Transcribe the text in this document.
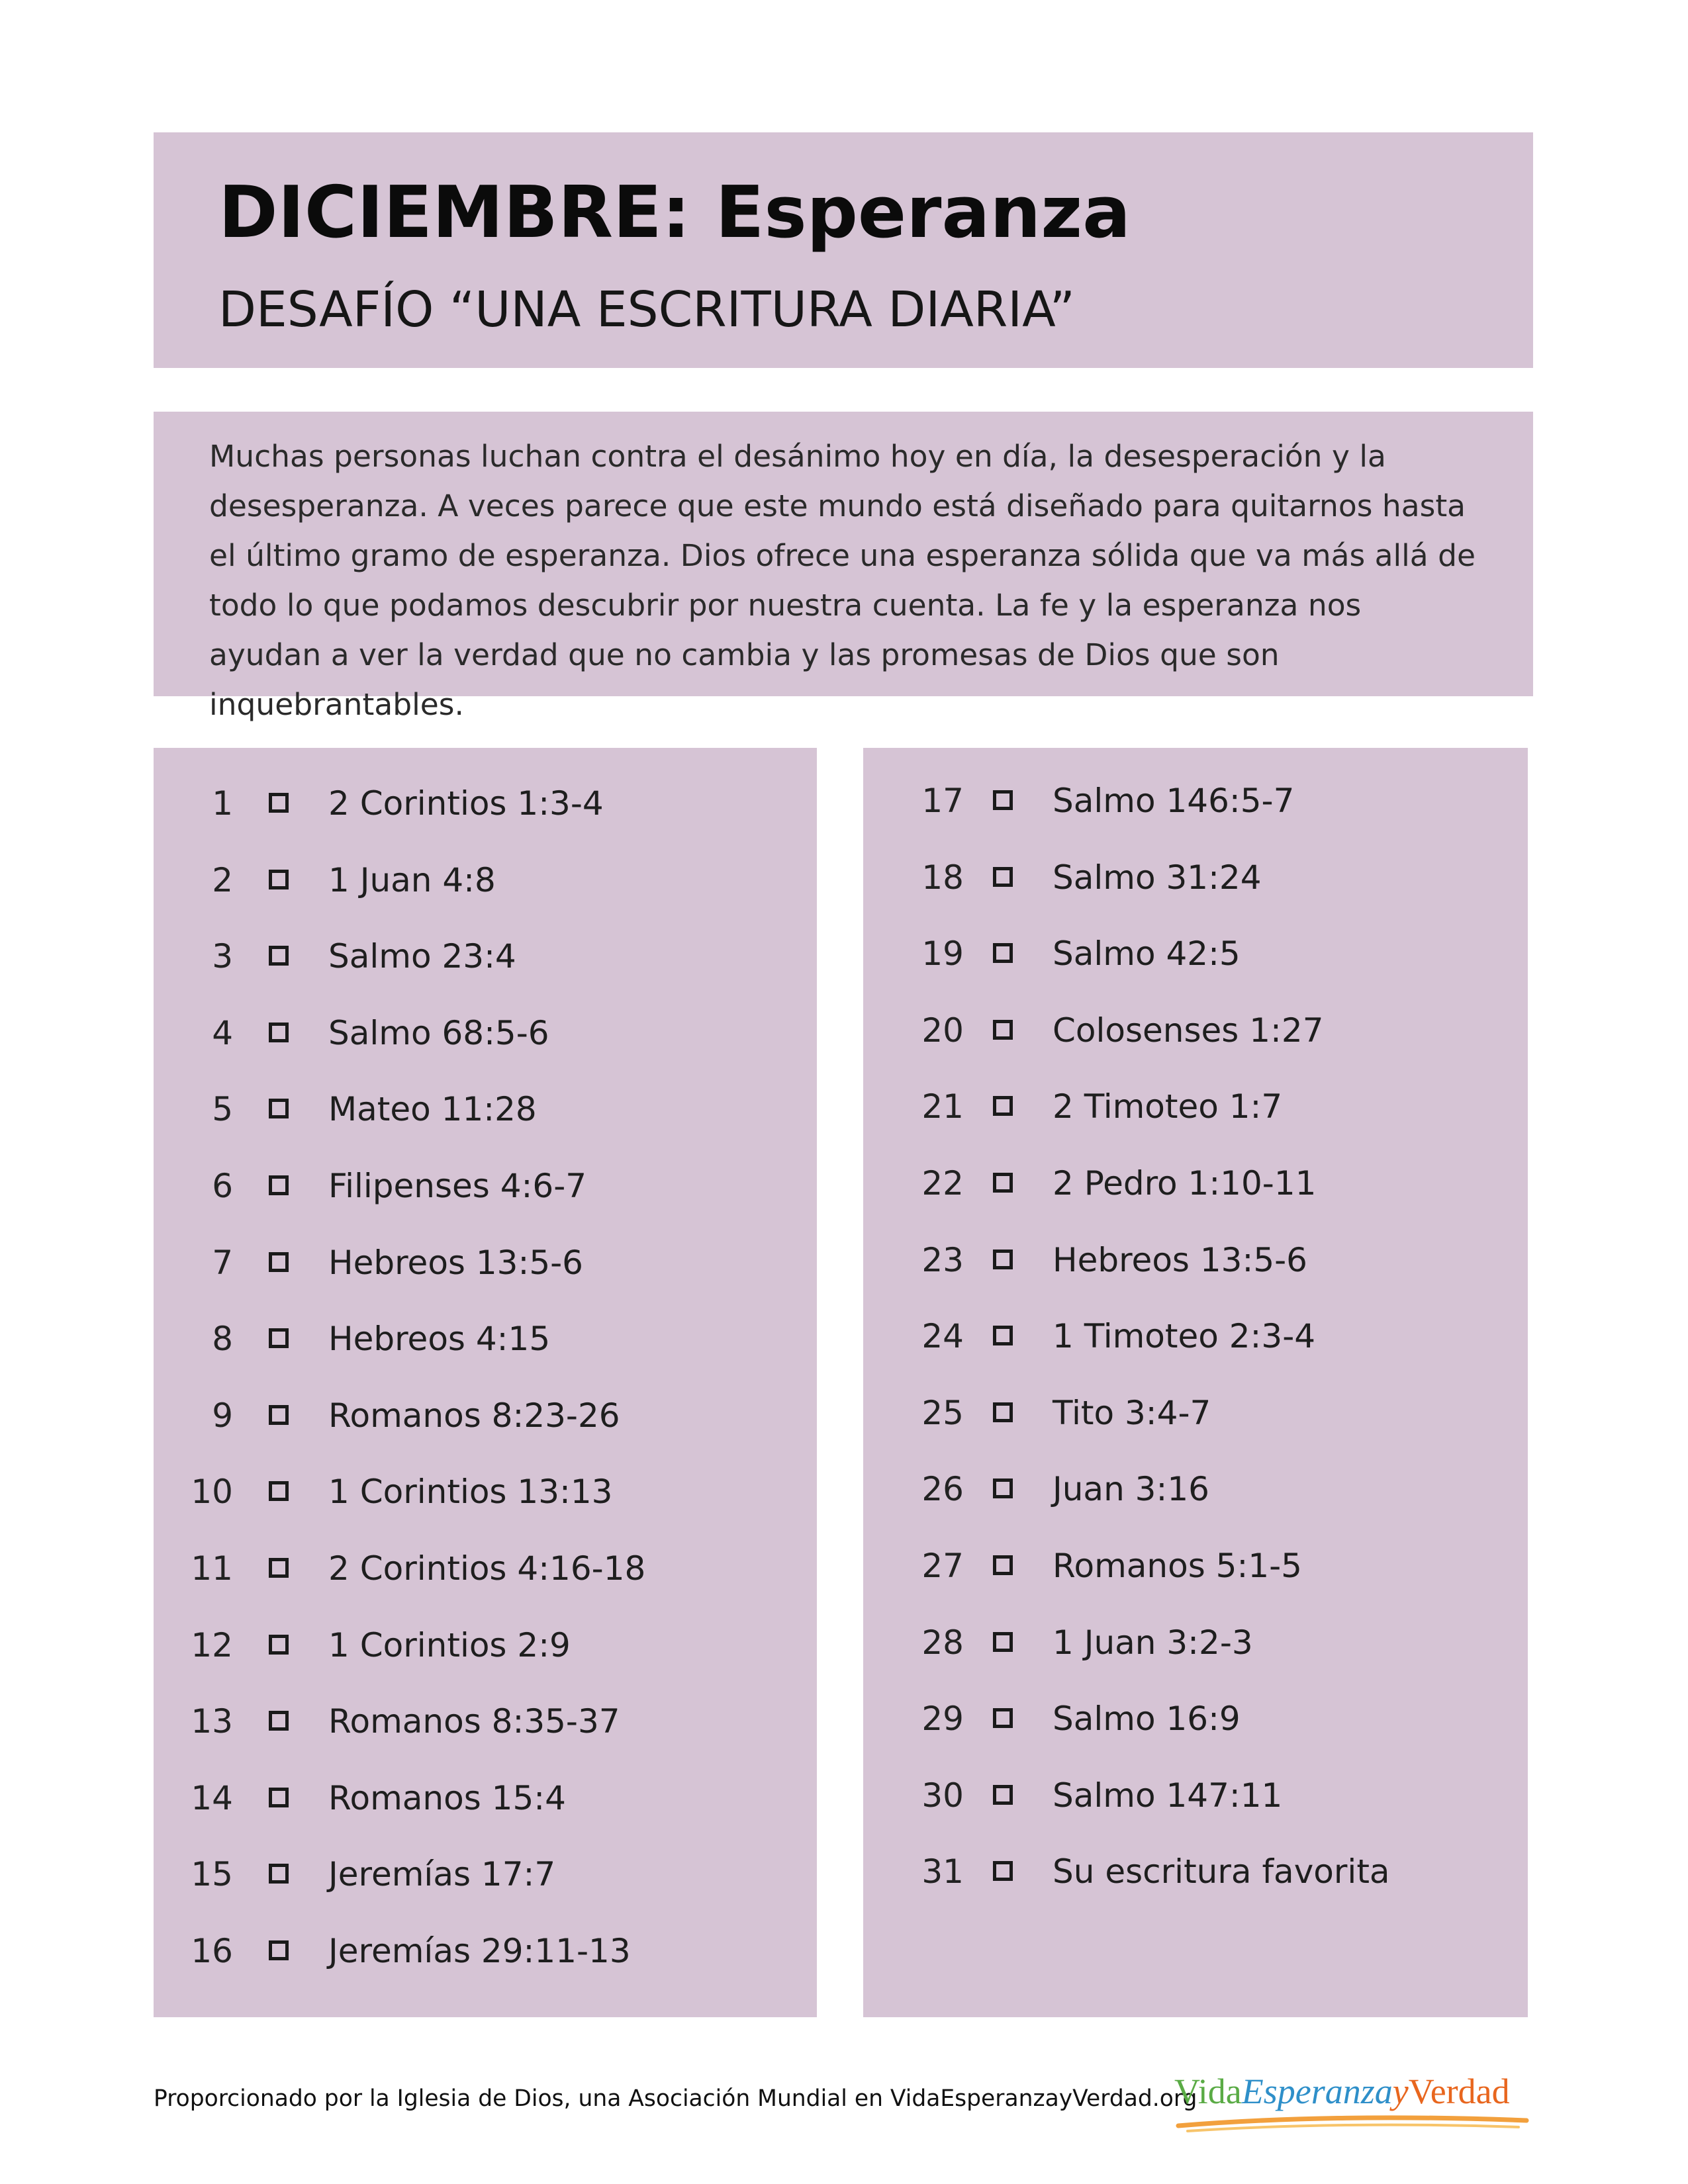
DICIEMBRE: Esperanza
DESAFÍO “UNA ESCRITURA DIARIA”

Muchas personas luchan contra el desánimo hoy en día, la desesperación y la desesperanza. A veces parece que este mundo está diseñado para quitarnos hasta el último gramo de esperanza. Dios ofrece una esperanza sólida que va más allá de todo lo que podamos descubrir por nuestra cuenta. La fe y la esperanza nos ayudan a ver la verdad que no cambia y las promesas de Dios que son inquebrantables.

1	2 Corintios 1:3-4
2	1 Juan 4:8
3	Salmo 23:4
4	Salmo 68:5-6
5	Mateo 11:28
6	Filipenses 4:6-7
7	Hebreos 13:5-6
8	Hebreos 4:15
9	Romanos 8:23-26
10	1 Corintios 13:13
11	2 Corintios 4:16-18
12	1 Corintios 2:9
13	Romanos 8:35-37
14	Romanos 15:4
15	Jeremías 17:7
16	Jeremías 29:11-13
17	Salmo 146:5-7
18	Salmo 31:24
19	Salmo 42:5
20	Colosenses 1:27
21	2 Timoteo 1:7
22	2 Pedro 1:10-11
23	Hebreos 13:5-6
24	1 Timoteo 2:3-4
25	Tito 3:4-7
26	Juan 3:16
27	Romanos 5:1-5
28	1 Juan 3:2-3
29	Salmo 16:9
30	Salmo 147:11
31	Su escritura favorita
Proporcionado por la Iglesia de Dios, una Asociación Mundial en VidaEsperanzayVerdad.org
VidaEsperanzayVerdad
